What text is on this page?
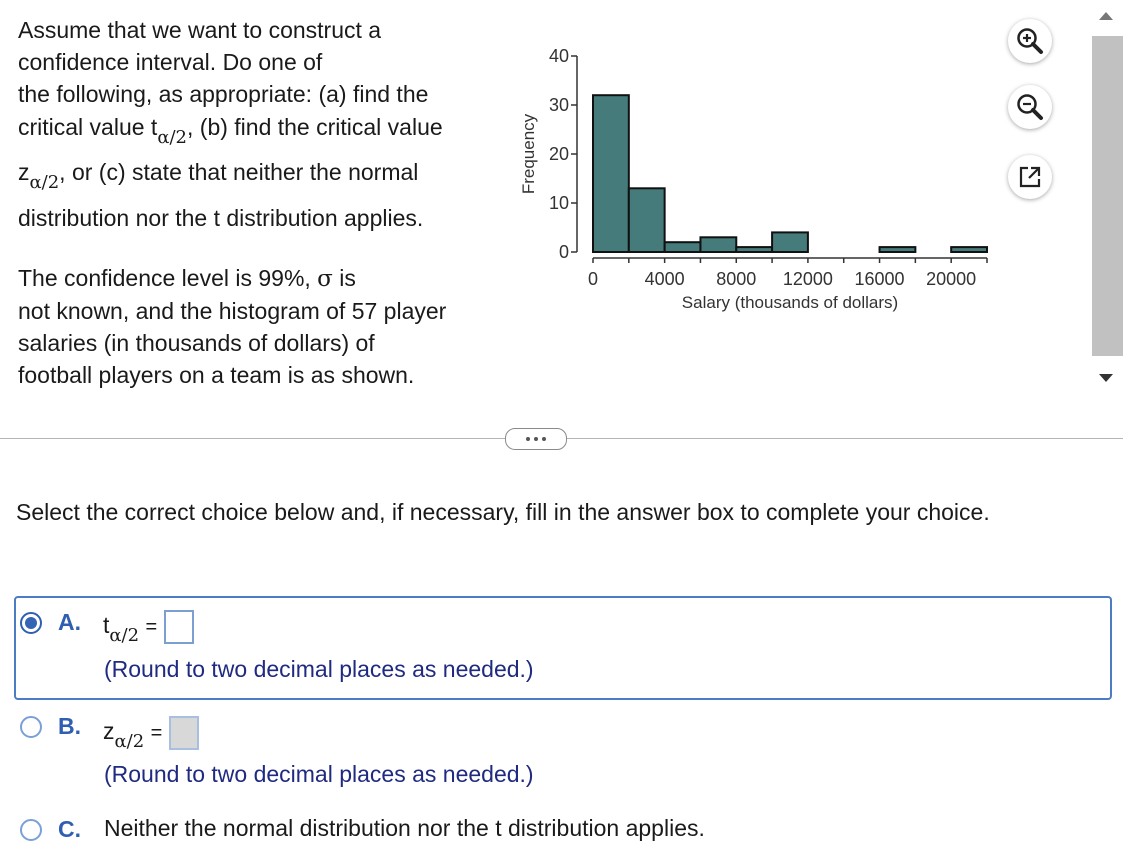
Assume that we want to construct a

confidence interval. Do one of

the following, as appropriate: (a) find the

critical value $t_{\alpha/2}$, (b) find the critical value

$z_{\alpha/2}$, or (c) state that neither the normal

distribution nor the t distribution applies.

The confidence level is 99%, σ is

not known, and the histogram of 57 player

salaries (in thousands of dollars) of

football players on a team is as shown.

0
10
20
30
40
0	4000 8000 12000 16000 20000
Salary (thousands of dollars)
Frequency
Select the correct choice below and, if necessary, fill in the answer box to complete your choice.
A. $t_{\alpha/2}$ =
(Round to two decimal places as needed.)
B. $z_{\alpha/2}$ =
(Round to two decimal places as needed.)
C. Neither the normal distribution nor the t distribution applies.
